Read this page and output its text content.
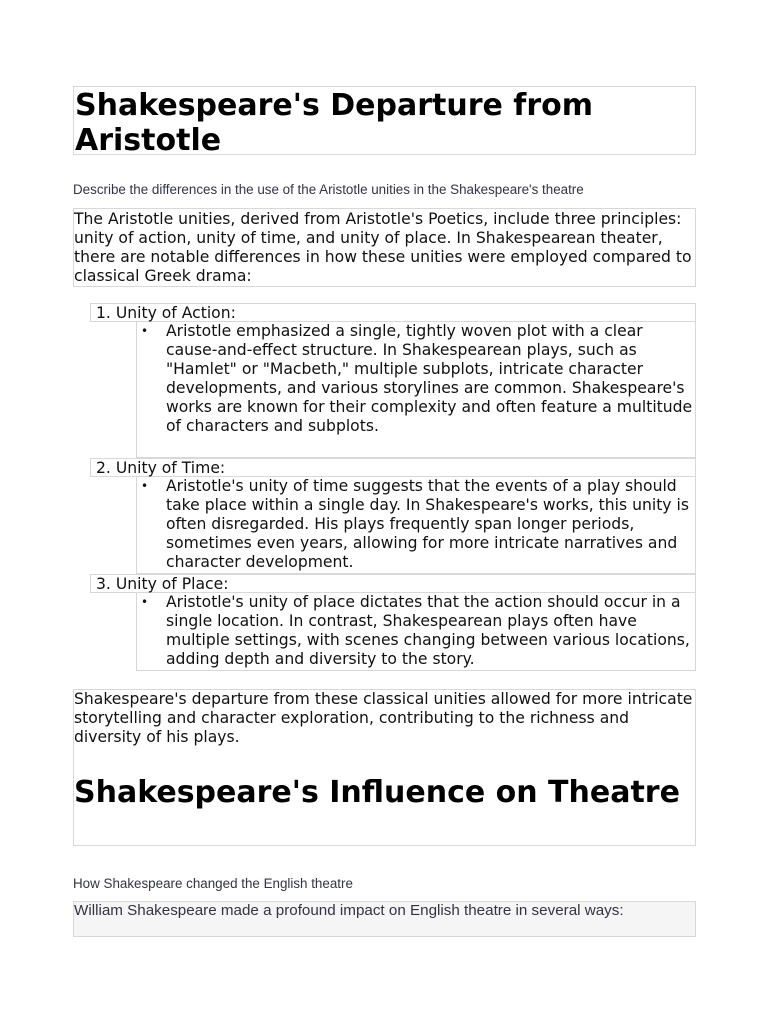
Shakespeare's Departure from Aristotle
Describe the differences in the use of the Aristotle unities in the Shakespeare's theatre
The Aristotle unities, derived from Aristotle's Poetics, include three principles: unity of action, unity of time, and unity of place. In Shakespearean theater, there are notable differences in how these unities were employed compared to classical Greek drama:
1. Unity of Action:
• Aristotle emphasized a single, tightly woven plot with a clear cause-and-effect structure. In Shakespearean plays, such as "Hamlet" or "Macbeth," multiple subplots, intricate character developments, and various storylines are common. Shakespeare's works are known for their complexity and often feature a multitude of characters and subplots.
2. Unity of Time:
• Aristotle's unity of time suggests that the events of a play should take place within a single day. In Shakespeare's works, this unity is often disregarded. His plays frequently span longer periods, sometimes even years, allowing for more intricate narratives and character development.
3. Unity of Place:
• Aristotle's unity of place dictates that the action should occur in a single location. In contrast, Shakespearean plays often have multiple settings, with scenes changing between various locations, adding depth and diversity to the story.
Shakespeare's departure from these classical unities allowed for more intricate storytelling and character exploration, contributing to the richness and diversity of his plays.
Shakespeare's Influence on Theatre
How Shakespeare changed the English theatre
William Shakespeare made a profound impact on English theatre in several ways:
